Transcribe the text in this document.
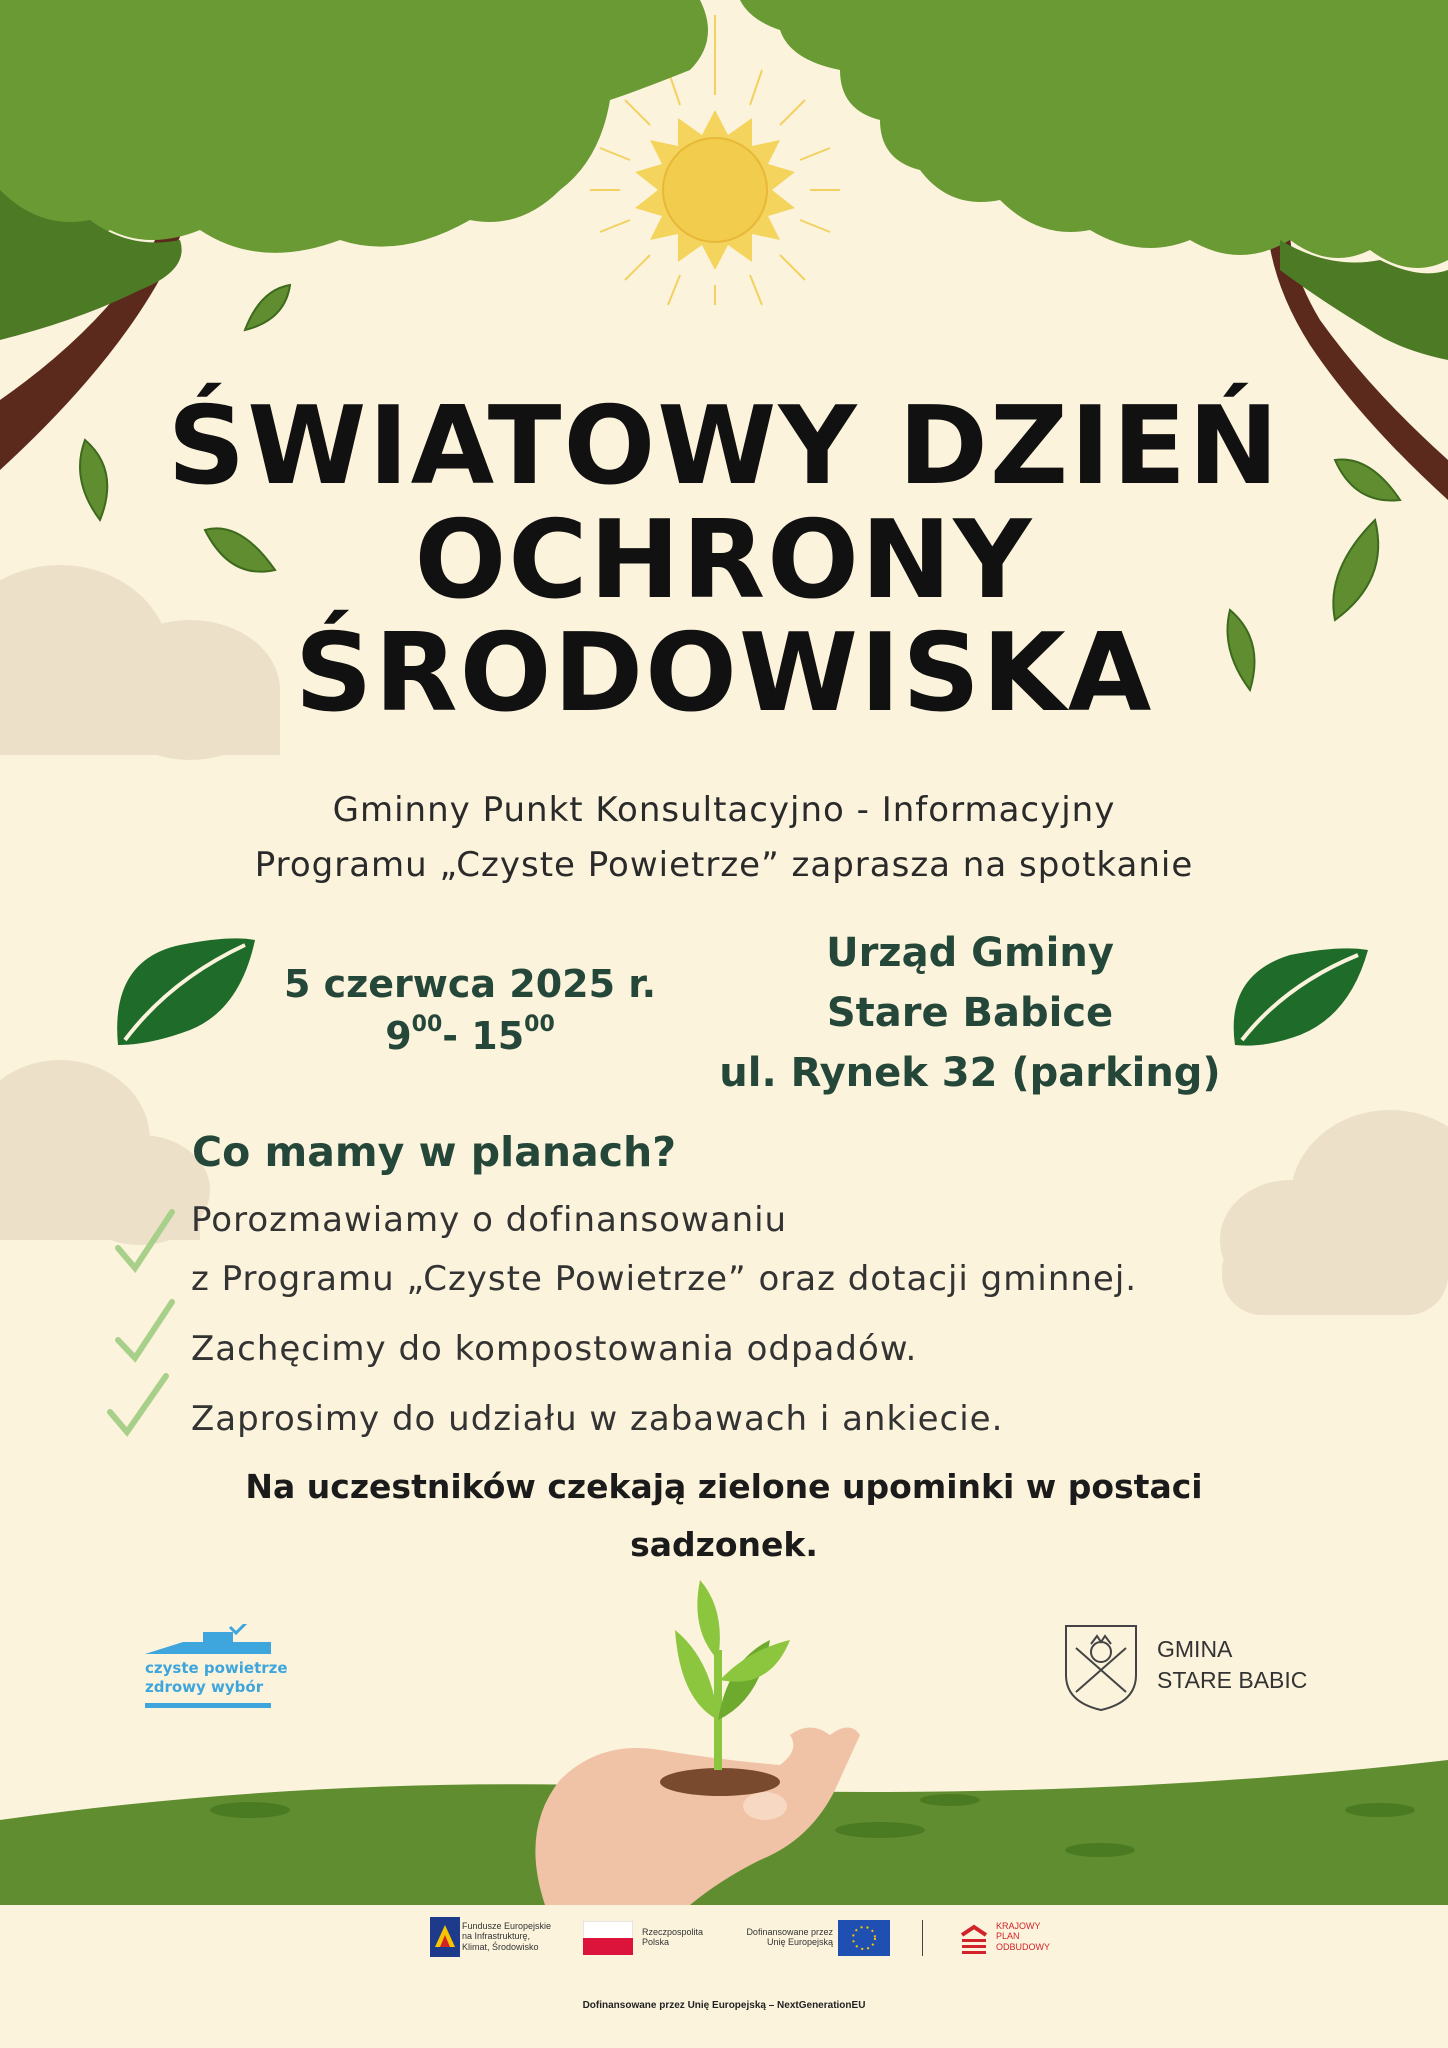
ŚWIATOWY DZIEŃ
OCHRONY
ŚRODOWISKA
Gminny Punkt Konsultacyjno - Informacyjny
Programu „Czyste Powietrze” zaprasza na spotkanie
5 czerwca 2025 r.
$9^{00}-$ $15^{00}$
Urząd Gminy
Stare Babice
ul. Rynek 32 (parking)
Co mamy w planach?
Porozmawiamy o dofinansowaniu
z Programu „Czyste Powietrze” oraz dotacji gminnej.
Zachęcimy do kompostowania odpadów.
Zaprosimy do udziału w zabawach i ankiecie.
Na uczestników czekają zielone upominki w postaci
sadzonek.
czyste powietrze
zdrowy wybór
GMINA
STARE BABIC
Fundusze Europejskie
na Infrastrukturę,
Klimat, Środowisko
Rzeczpospolita
Polska
Dofinansowane przez
Unię Europejską
KRAJOWY
PLAN
ODBUDOWY
Dofinansowane przez Unię Europejską – NextGenerationEU
